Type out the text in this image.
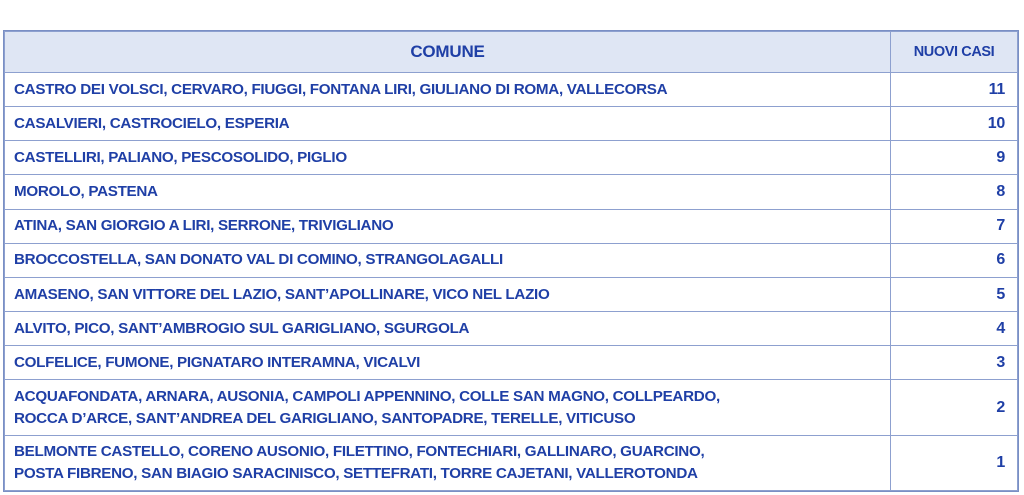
COMUNE	NUOVI CASI
CASTRO DEI VOLSCI, CERVARO, FIUGGI, FONTANA LIRI, GIULIANO DI ROMA, VALLECORSA	11
CASALVIERI, CASTROCIELO, ESPERIA	10
CASTELLIRI, PALIANO, PESCOSOLIDO, PIGLIO	9
MOROLO, PASTENA	8
ATINA, SAN GIORGIO A LIRI, SERRONE, TRIVIGLIANO	7
BROCCOSTELLA, SAN DONATO VAL DI COMINO, STRANGOLAGALLI	6
AMASENO, SAN VITTORE DEL LAZIO, SANT’APOLLINARE, VICO NEL LAZIO	5
ALVITO, PICO, SANT’AMBROGIO SUL GARIGLIANO, SGURGOLA	4
COLFELICE, FUMONE, PIGNATARO INTERAMNA, VICALVI	3
ACQUAFONDATA, ARNARA, AUSONIA, CAMPOLI APPENNINO, COLLE SAN MAGNO, COLLPEARDO,
ROCCA D’ARCE, SANT’ANDREA DEL GARIGLIANO, SANTOPADRE, TERELLE, VITICUSO	2
BELMONTE CASTELLO, CORENO AUSONIO, FILETTINO, FONTECHIARI, GALLINARO, GUARCINO,
POSTA FIBRENO, SAN BIAGIO SARACINISCO, SETTEFRATI, TORRE CAJETANI, VALLEROTONDA	1
